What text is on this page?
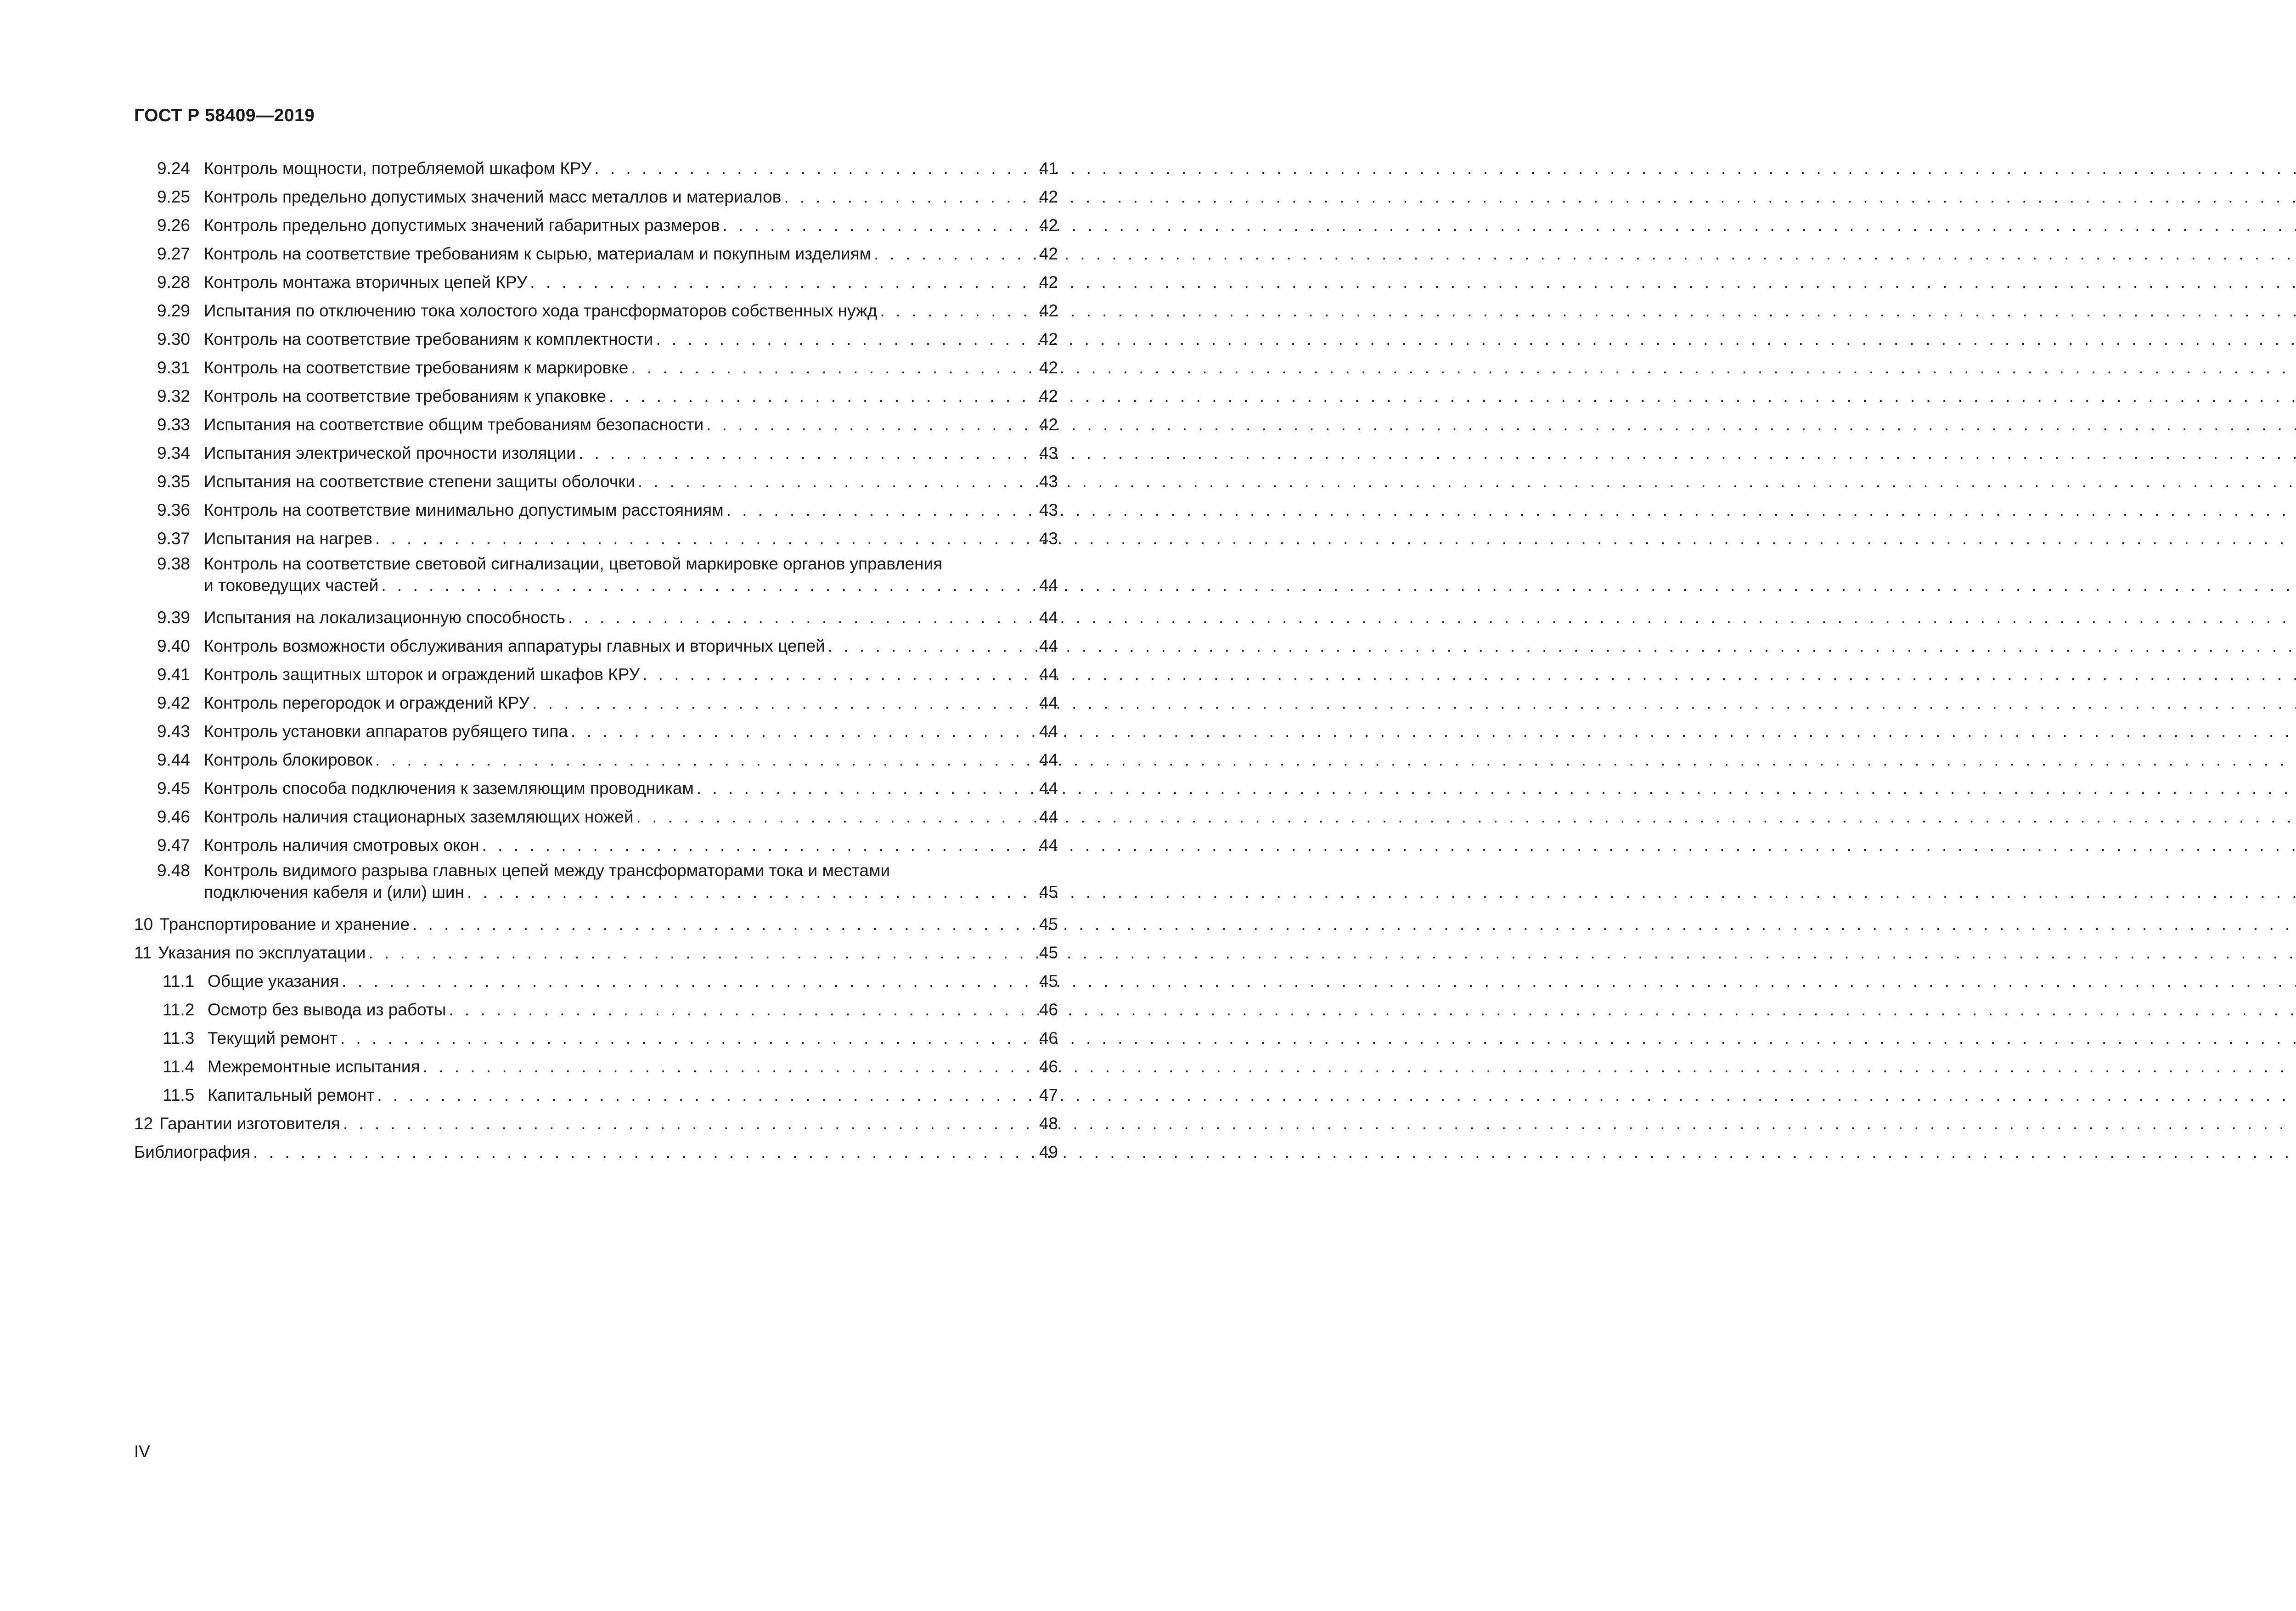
ГОСТ Р 58409—2019
9.24 Контроль мощности, потребляемой шкафом КРУ . . .	41
9.25 Контроль предельно допустимых значений масс металлов и материалов . . .	42
9.26 Контроль предельно допустимых значений габаритных размеров . . .	42
9.27 Контроль на соответствие требованиям к сырью, материалам и покупным изделиям . . .	42
9.28 Контроль монтажа вторичных цепей КРУ . . .	42
9.29 Испытания по отключению тока холостого хода трансформаторов собственных нужд . . .	42
9.30 Контроль на соответствие требованиям к комплектности . . .	42
9.31 Контроль на соответствие требованиям к маркировке . . .	42
9.32 Контроль на соответствие требованиям к упаковке . . .	42
9.33 Испытания на соответствие общим требованиям безопасности . . .	42
9.34 Испытания электрической прочности изоляции . . .	43
9.35 Испытания на соответствие степени защиты оболочки . . .	43
9.36 Контроль на соответствие минимально допустимым расстояниям . . .	43
9.37 Испытания на нагрев . . .	43
9.38 Контроль на соответствие световой сигнализации, цветовой маркировке органов управления
и токоведущих частей . . .	44
9.39 Испытания на локализационную способность . . .	44
9.40 Контроль возможности обслуживания аппаратуры главных и вторичных цепей . . .	44
9.41 Контроль защитных шторок и ограждений шкафов КРУ . . .	44
9.42 Контроль перегородок и ограждений КРУ . . .	44
9.43 Контроль установки аппаратов рубящего типа . . .	44
9.44 Контроль блокировок . . .	44
9.45 Контроль способа подключения к заземляющим проводникам . . .	44
9.46 Контроль наличия стационарных заземляющих ножей . . .	44
9.47 Контроль наличия смотровых окон . . .	44
9.48 Контроль видимого разрыва главных цепей между трансформаторами тока и местами
подключения кабеля и (или) шин . . .	45
10 Транспортирование и хранение . . .	45
11 Указания по эксплуатации . . .	45
11.1 Общие указания . . .	45
11.2 Осмотр без вывода из работы . . .	46
11.3 Текущий ремонт . . .	46
11.4 Межремонтные испытания . . .	46
11.5 Капитальный ремонт . . .	47
12 Гарантии изготовителя . . .	48
Библиография . . .	49
IV
